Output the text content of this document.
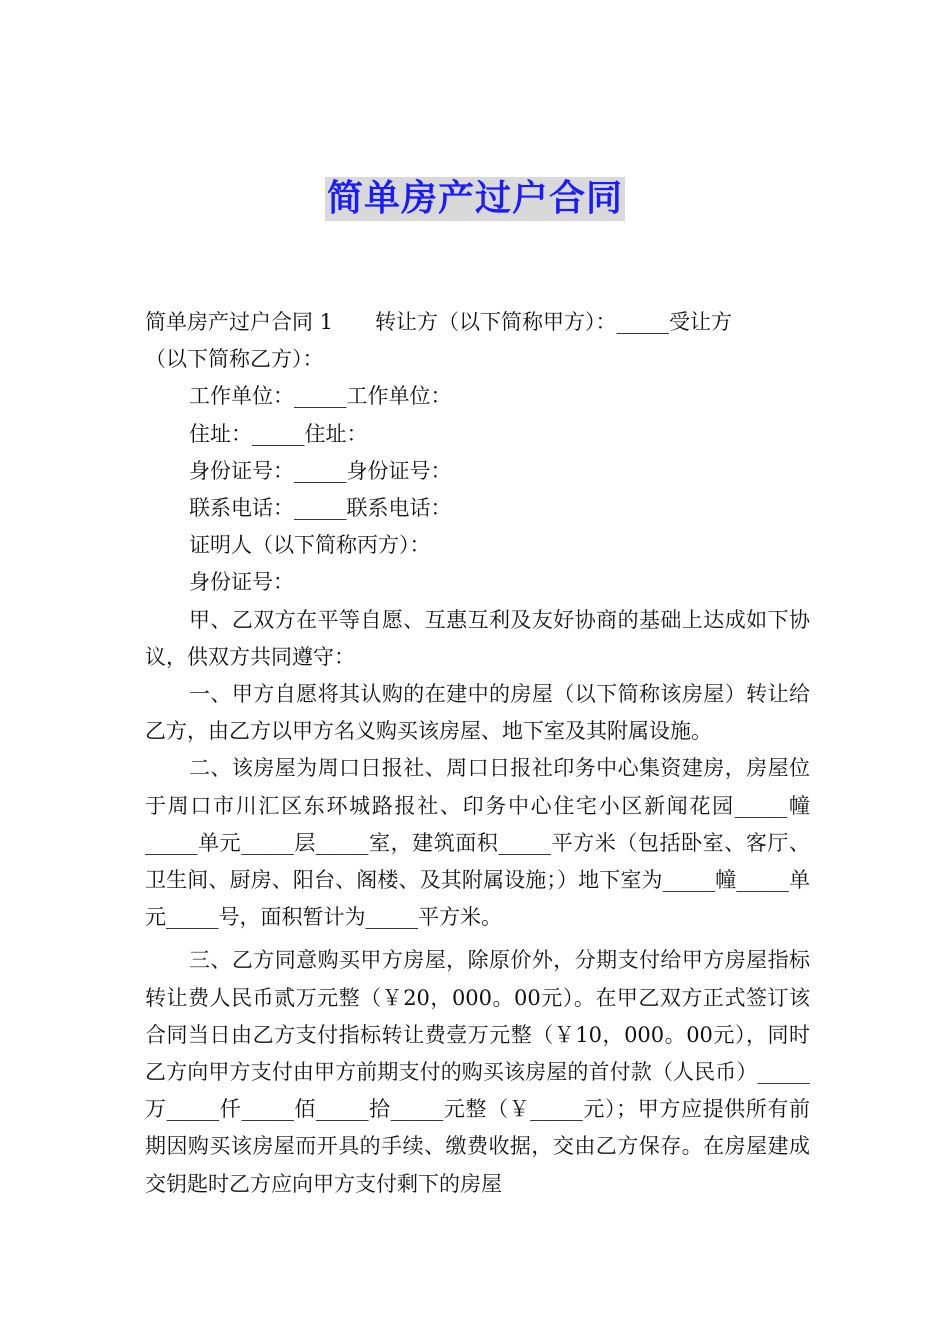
简单房产过户合同

简单房产过户合同 1　　转让方（以下简称甲方）：_____受让方

（以下简称乙方）：

工作单位：_____工作单位：

住址：_____住址：

身份证号：_____身份证号：

联系电话：_____联系电话：

证明人（以下简称丙方）：

身份证号：

甲、乙双方在平等自愿、互惠互利及友好协商的基础上达成如下协议，供双方共同遵守：

一、甲方自愿将其认购的在建中的房屋（以下简称该房屋）转让给乙方，由乙方以甲方名义购买该房屋、地下室及其附属设施。

二、该房屋为周口日报社、周口日报社印务中心集资建房，房屋位于周口市川汇区东环城路报社、印务中心住宅小区新闻花园_____幢_____单元_____层_____室，建筑面积_____平方米（包括卧室、客厅、卫生间、厨房、阳台、阁楼、及其附属设施；）地下室为_____幢_____单元_____号，面积暂计为_____平方米。

三、乙方同意购买甲方房屋，除原价外，分期支付给甲方房屋指标转让费人民币贰万元整（￥20，000。00元）。在甲乙双方正式签订该合同当日由乙方支付指标转让费壹万元整（￥10，000。00元），同时乙方向甲方支付由甲方前期支付的购买该房屋的首付款（人民币）_____万_____仟_____佰_____拾_____元整（￥_____元）；甲方应提供所有前期因购买该房屋而开具的手续、缴费收据，交由乙方保存。在房屋建成交钥匙时乙方应向甲方支付剩下的房屋
